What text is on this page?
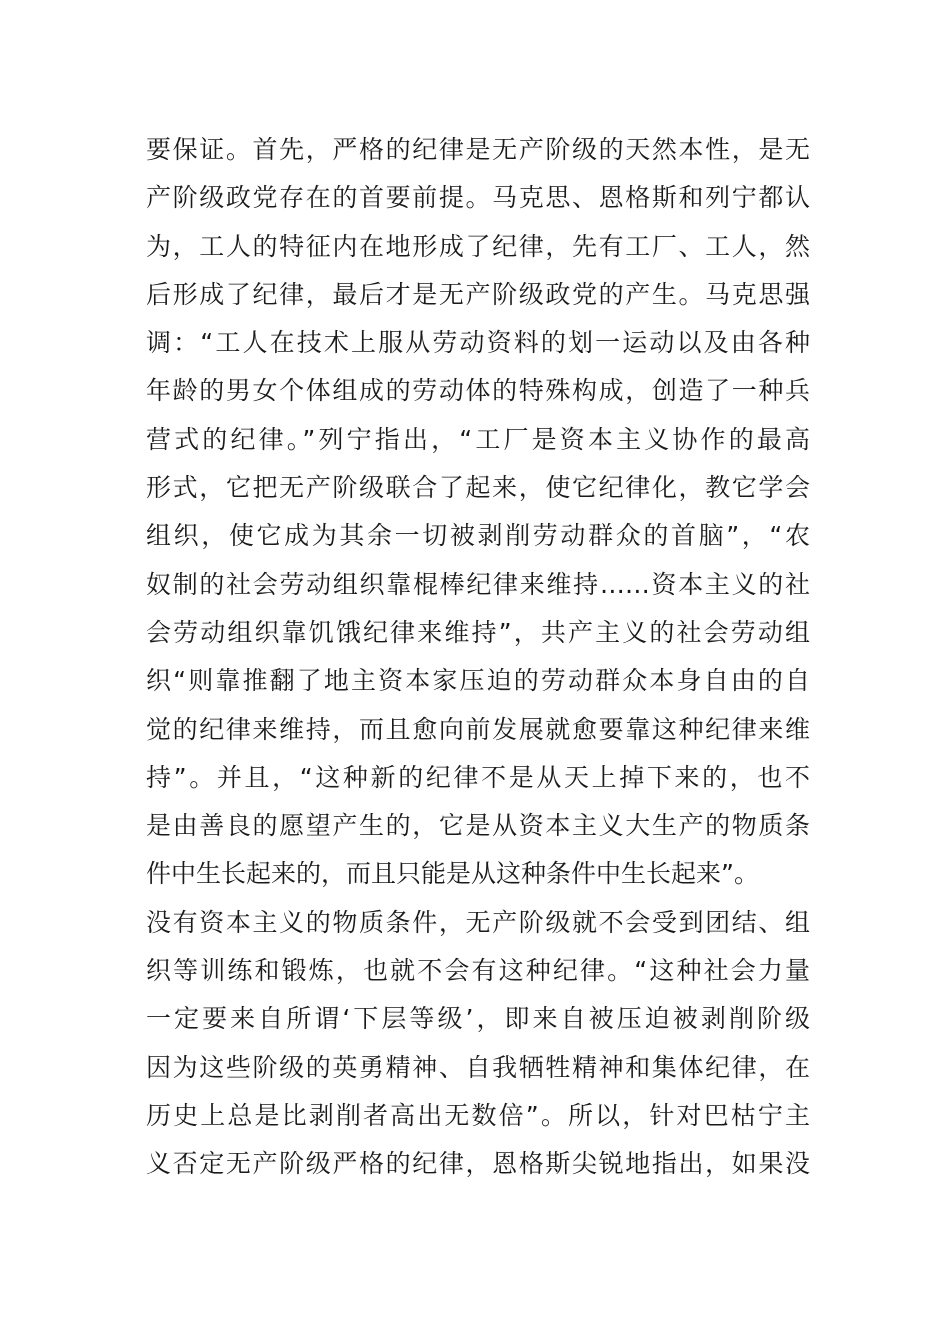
要保证。首先，严格的纪律是无产阶级的天然本性，是无
产阶级政党存在的首要前提。马克思、恩格斯和列宁都认
为，工人的特征内在地形成了纪律，先有工厂、工人，然
后形成了纪律，最后才是无产阶级政党的产生。马克思强
调：“工人在技术上服从劳动资料的划一运动以及由各种
年龄的男女个体组成的劳动体的特殊构成，创造了一种兵
营式的纪律。”列宁指出，“工厂是资本主义协作的最高
形式，它把无产阶级联合了起来，使它纪律化，教它学会
组织，使它成为其余一切被剥削劳动群众的首脑”，“农
奴制的社会劳动组织靠棍棒纪律来维持……资本主义的社
会劳动组织靠饥饿纪律来维持”，共产主义的社会劳动组
织“则靠推翻了地主资本家压迫的劳动群众本身自由的自
觉的纪律来维持，而且愈向前发展就愈要靠这种纪律来维
持”。并且，“这种新的纪律不是从天上掉下来的，也不
是由善良的愿望产生的，它是从资本主义大生产的物质条
件中生长起来的，而且只能是从这种条件中生长起来”。
没有资本主义的物质条件，无产阶级就不会受到团结、组
织等训练和锻炼，也就不会有这种纪律。“这种社会力量
一定要来自所谓‘下层等级’，即来自被压迫被剥削阶级
因为这些阶级的英勇精神、自我牺牲精神和集体纪律，在
历史上总是比剥削者高出无数倍”。所以，针对巴枯宁主
义否定无产阶级严格的纪律，恩格斯尖锐地指出，如果没
